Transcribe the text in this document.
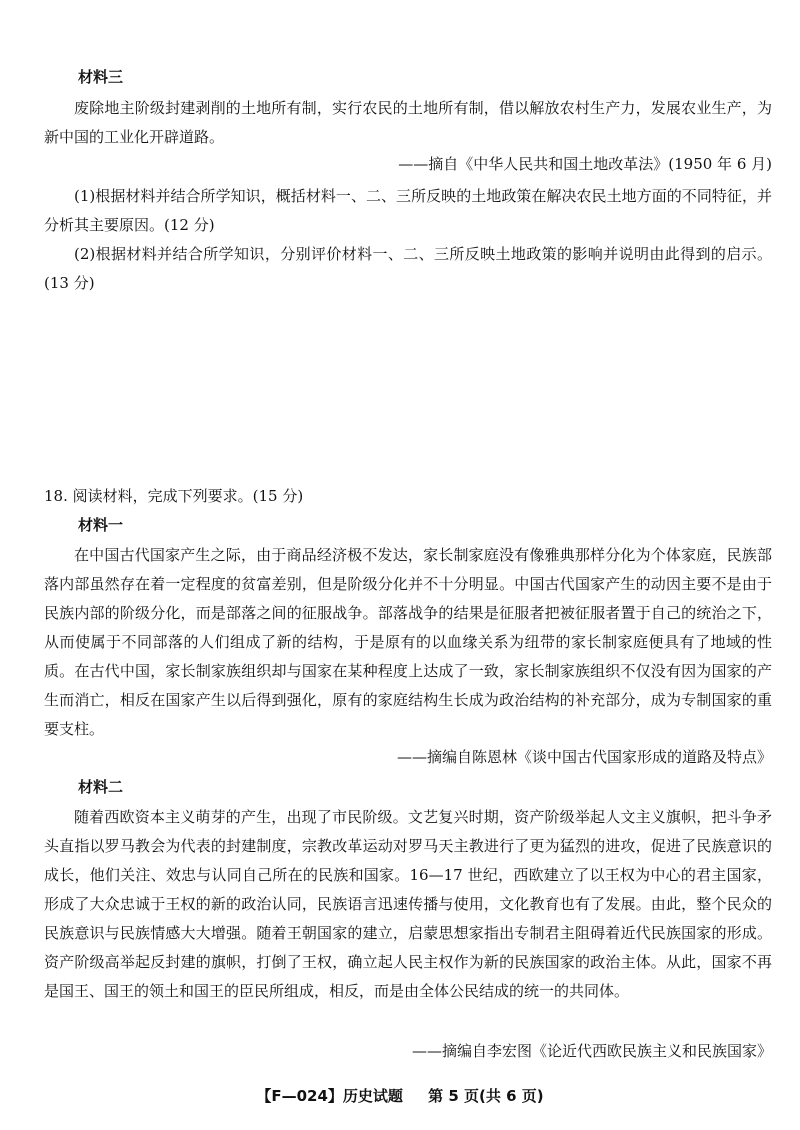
材料三

废除地主阶级封建剥削的土地所有制，实行农民的土地所有制，借以解放农村生产力，发展农业生产，为新中国的工业化开辟道路。

——摘自《中华人民共和国土地改革法》(1950 年 6 月)

(1)根据材料并结合所学知识，概括材料一、二、三所反映的土地政策在解决农民土地方面的不同特征，并分析其主要原因。(12 分)

(2)根据材料并结合所学知识，分别评价材料一、二、三所反映土地政策的影响并说明由此得到的启示。(13 分)

18. 阅读材料，完成下列要求。(15 分)
材料一

在中国古代国家产生之际，由于商品经济极不发达，家长制家庭没有像雅典那样分化为个体家庭，民族部落内部虽然存在着一定程度的贫富差别，但是阶级分化并不十分明显。中国古代国家产生的动因主要不是由于民族内部的阶级分化，而是部落之间的征服战争。部落战争的结果是征服者把被征服者置于自己的统治之下，从而使属于不同部落的人们组成了新的结构，于是原有的以血缘关系为纽带的家长制家庭便具有了地域的性质。在古代中国，家长制家族组织却与国家在某种程度上达成了一致，家长制家族组织不仅没有因为国家的产生而消亡，相反在国家产生以后得到强化，原有的家庭结构生长成为政治结构的补充部分，成为专制国家的重要支柱。

——摘编自陈恩林《谈中国古代国家形成的道路及特点》
材料二

随着西欧资本主义萌芽的产生，出现了市民阶级。文艺复兴时期，资产阶级举起人文主义旗帜，把斗争矛头直指以罗马教会为代表的封建制度，宗教改革运动对罗马天主教进行了更为猛烈的进攻，促进了民族意识的成长，他们关注、效忠与认同自己所在的民族和国家。16—17 世纪，西欧建立了以王权为中心的君主国家，形成了大众忠诚于王权的新的政治认同，民族语言迅速传播与使用，文化教育也有了发展。由此，整个民众的民族意识与民族情感大大增强。随着王朝国家的建立，启蒙思想家指出专制君主阻碍着近代民族国家的形成。资产阶级高举起反封建的旗帜，打倒了王权，确立起人民主权作为新的民族国家的政治主体。从此，国家不再是国王、国王的领土和国王的臣民所组成，相反，而是由全体公民结成的统一的共同体。

——摘编自李宏图《论近代西欧民族主义和民族国家》
【F—024】历史试题 第 5 页(共 6 页)
